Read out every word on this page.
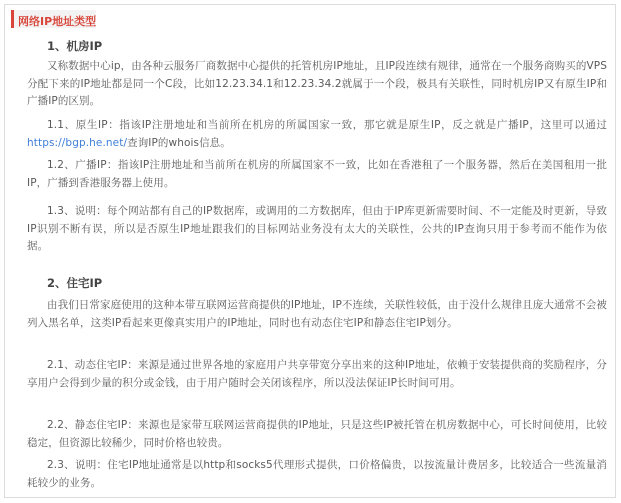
网络IP地址类型
1、机房IP
又称数据中心ip，由各种云服务厂商数据中心提供的托管机房IP地址，且IP段连续有规律，通常在一个服务商购买的VPS分配下来的IP地址都是同一个C段，比如12.23.34.1和12.23.34.2就属于一个段，极具有关联性，同时机房IP又有原生IP和广播IP的区别。
1.1、原生IP：指该IP注册地址和当前所在机房的所属国家一致，那它就是原生IP，反之就是广播IP，这里可以通过https://bgp.he.net/查询IP的whois信息。
1.2、广播IP：指该IP注册地址和当前所在机房的所属国家不一致，比如在香港租了一个服务器，然后在美国租用一批IP，广播到香港服务器上使用。
1.3、说明：每个网站都有自己的IP数据库，或调用的二方数据库，但由于IP库更新需要时间、不一定能及时更新，导致IP识别不断有误，所以是否原生IP地址跟我们的目标网站业务没有太大的关联性，公共的IP查询只用于参考而不能作为依据。
2、住宅IP
由我们日常家庭使用的这种本带互联网运营商提供的IP地址，IP不连续，关联性较低，由于没什么规律且庞大通常不会被列入黑名单，这类IP看起来更像真实用户的IP地址，同时也有动态住宅IP和静态住宅IP划分。
2.1、动态住宅IP：来源是通过世界各地的家庭用户共享带宽分享出来的这种IP地址，依赖于安装提供商的奖励程序，分享用户会得到少量的积分或金钱，由于用户随时会关闭该程序，所以没法保证IP长时间可用。
2.2、静态住宅IP：来源也是家带互联网运营商提供的IP地址，只是这些IP被托管在机房数据中心，可长时间使用，比较稳定，但资源比较稀少，同时价格也较贵。
2.3、说明：住宅IP地址通常是以http和socks5代理形式提供，口价格偏贵，以按流量计费居多，比较适合一些流量消耗较少的业务。
